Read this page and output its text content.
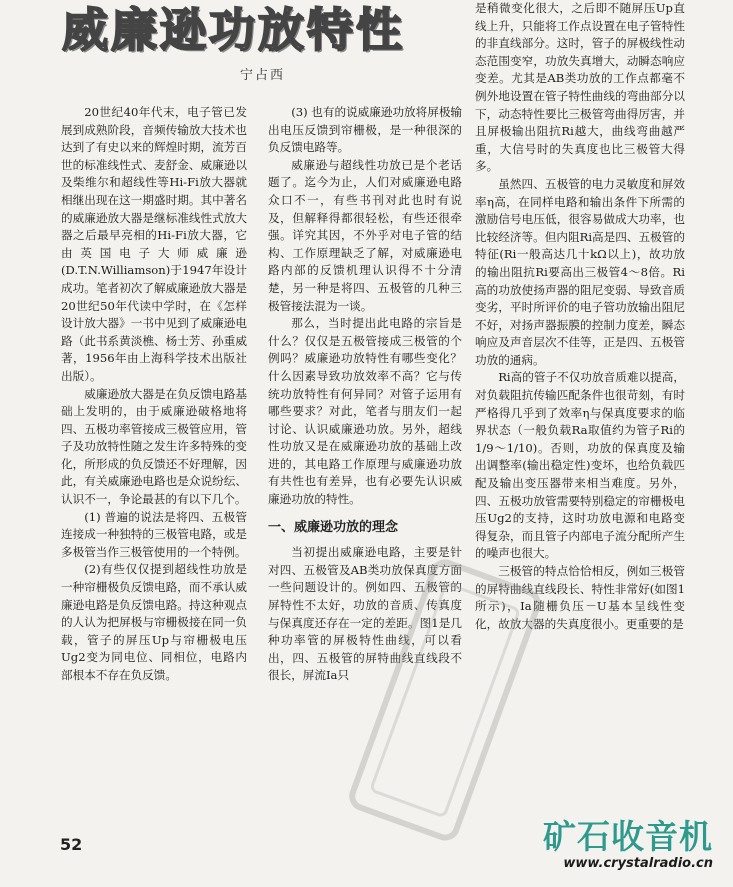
威廉逊功放特性
宁占西

20世纪40年代末，电子管已发展到成熟阶段，音频传输放大技术也达到了有史以来的辉煌时期，流芳百世的标准线性式、麦舒金、威廉逊以及柴维尔和超线性等Hi-Fi放大器就相继出现在这一期盛时期。其中著名的威廉逊放大器是继标准线性式放大器之后最早亮相的Hi-Fi放大器，它由英国电子大师威廉逊(D.T.N.Williamson)于1947年设计成功。笔者初次了解威廉逊放大器是20世纪50年代读中学时，在《怎样设计放大器》一书中见到了威廉逊电路（此书系黄淡樵、杨士芳、孙重威著，1956年由上海科学技术出版社出版）。

威廉逊放大器是在负反馈电路基础上发明的，由于威廉逊破格地将四、五极功率管接成三极管应用，管子及功放特性随之发生许多特殊的变化，所形成的负反馈还不好理解，因此，有关威廉逊电路也是众说纷纭、认识不一，争论最甚的有以下几个。

(1) 普遍的说法是将四、五极管连接成一种独特的三极管电路，或是多极管当作三极管使用的一个特例。

(2)有些仅仅提到超线性功放是一种帘栅极负反馈电路，而不承认威廉逊电路是负反馈电路。持这种观点的人认为把屏极与帘栅极接在同一负载，管子的屏压Up与帘栅极电压Ug2变为同电位、同相位，电路内部根本不存在负反馈。

(3) 也有的说威廉逊功放将屏极输出电压反馈到帘栅极，是一种很深的负反馈电路等。

威廉逊与超线性功放已是个老话题了。迄今为止，人们对威廉逊电路众口不一，有些书刊对此也时有说及，但解释得都很轻松，有些还很牵强。详究其因，不外乎对电子管的结构、工作原理缺乏了解，对威廉逊电路内部的反馈机理认识得不十分清楚，另一种是将四、五极管的几种三极管接法混为一谈。

那么，当时提出此电路的宗旨是什么？仅仅是五极管接成三极管的个例吗？威廉逊功放特性有哪些变化？什么因素导致功放效率不高？它与传统功放特性有何异同？对管子运用有哪些要求？对此，笔者与朋友们一起讨论、认识威廉逊功放。另外，超线性功放又是在威廉逊功放的基础上改进的，其电路工作原理与威廉逊功放有共性也有差异，也有必要先认识威廉逊功放的特性。

一、威廉逊功放的理念

当初提出威廉逊电路，主要是针对四、五极管及AB类功放保真度方面一些问题设计的。例如四、五极管的屏特性不太好，功放的音质、传真度与保真度还存在一定的差距。图1是几种功率管的屏极特性曲线，可以看出，四、五极管的屏特曲线直线段不很长，屏流Ia只

是稍微变化很大，之后即不随屏压Up直线上升，只能将工作点设置在电子管特性的非直线部分。这时，管子的屏极线性动态范围变窄，功放失真增大，动瞬态响应变差。尤其是AB类功放的工作点都毫不例外地设置在管子特性曲线的弯曲部分以下，动态特性要比三极管弯曲得厉害，并且屏极输出阻抗Ri越大，曲线弯曲越严重，大信号时的失真度也比三极管大得多。

虽然四、五极管的电力灵敏度和屏效率η高，在同样电路和输出条件下所需的激励信号电压低，很容易做成大功率，也比较经济等。但内阻Ri高是四、五极管的特征(Ri一般高达几十kΩ以上)，故功放的输出阻抗Ri要高出三极管4～8倍。Ri高的功放使扬声器的阻尼变弱、导致音质变劣，平时所评价的电子管功放输出阻尼不好，对扬声器振膜的控制力度差，瞬态响应及声音层次不佳等，正是四、五极管功放的通病。

Ri高的管子不仅功放音质难以提高，对负载阻抗传输匹配条件也很苛刻，有时严格得几乎到了效率η与保真度要求的临界状态（一般负载Ra取值约为管子Ri的1/9～1/10)。否则，功放的保真度及输出调整率(输出稳定性)变坏，也给负载匹配及输出变压器带来相当难度。另外，四、五极功放管需要特别稳定的帘栅极电压Ug2的支持，这时功放电源和电路变得复杂，而且管子内部电子流分配所产生的噪声也很大。

三极管的特点恰恰相反，例如三极管的屏特曲线直线段长、特性非常好(如图1所示)，Ia随栅负压－U基本呈线性变化，故放大器的失真度很小。更重要的是

52	矿石收音机
www.crystalradio.cn
